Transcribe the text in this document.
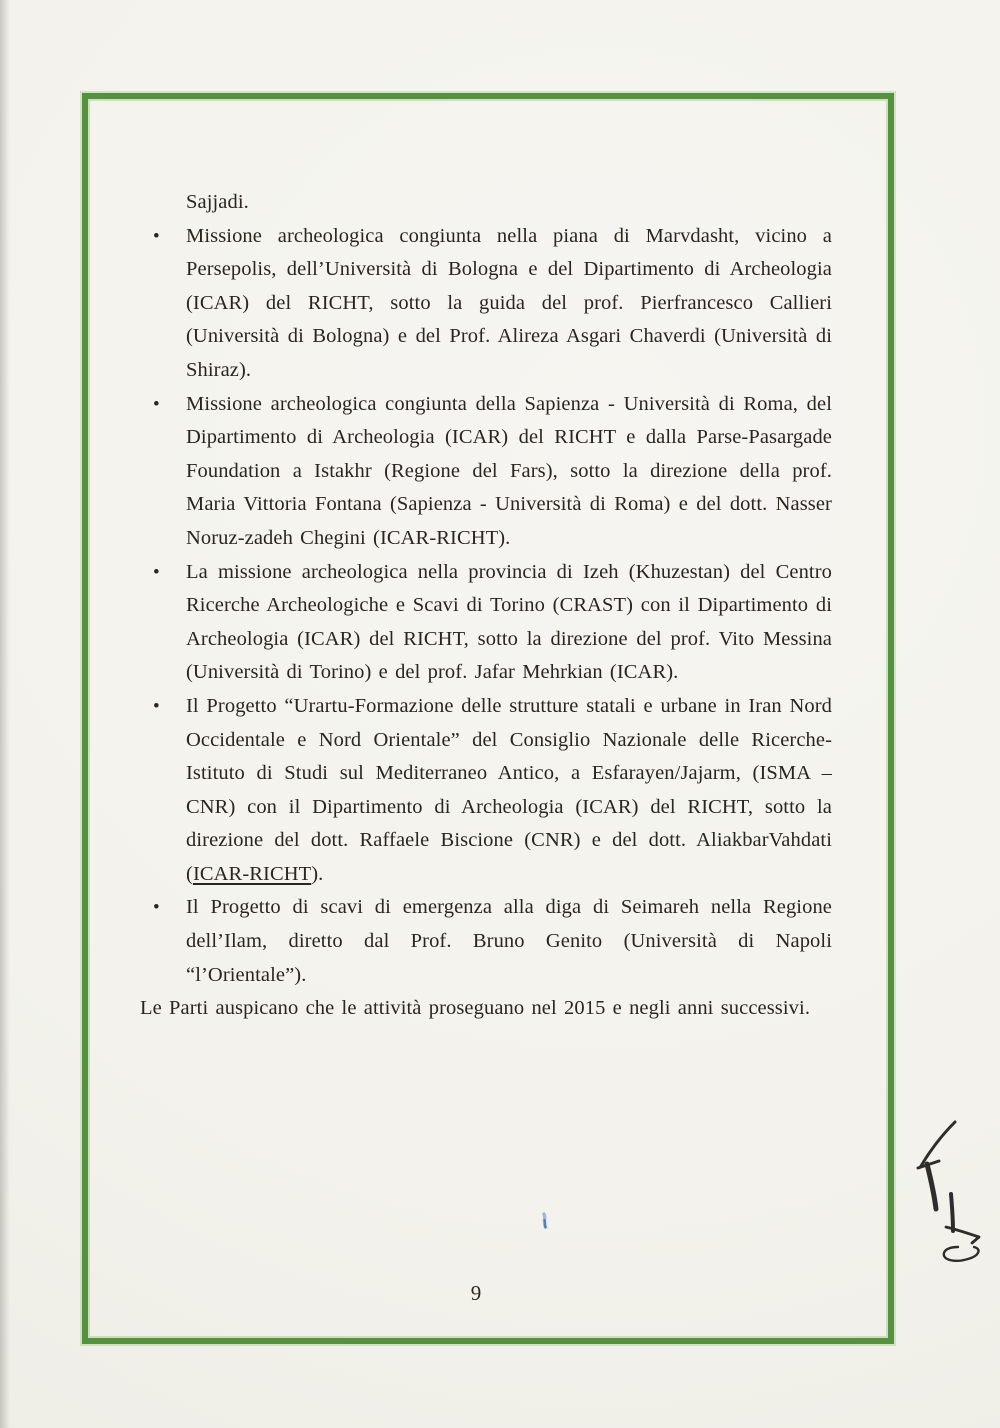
Sajjadi.

• Missione archeologica congiunta nella piana di Marvdasht, vicino a Persepolis, dell’Università di Bologna e del Dipartimento di Archeologia (ICAR) del RICHT, sotto la guida del prof. Pierfrancesco Callieri (Università di Bologna) e del Prof. Alireza Asgari Chaverdi (Università di Shiraz).
• Missione archeologica congiunta della Sapienza - Università di Roma, del Dipartimento di Archeologia (ICAR) del RICHT e dalla Parse-Pasargade Foundation a Istakhr (Regione del Fars), sotto la direzione della prof. Maria Vittoria Fontana (Sapienza - Università di Roma) e del dott. Nasser Noruz-zadeh Chegini (ICAR-RICHT).
• La missione archeologica nella provincia di Izeh (Khuzestan) del Centro Ricerche Archeologiche e Scavi di Torino (CRAST) con il Dipartimento di Archeologia (ICAR) del RICHT, sotto la direzione del prof. Vito Messina (Università di Torino) e del prof. Jafar Mehrkian (ICAR).
• Il Progetto “Urartu-Formazione delle strutture statali e urbane in Iran Nord Occidentale e Nord Orientale” del Consiglio Nazionale delle Ricerche-Istituto di Studi sul Mediterraneo Antico, a Esfarayen/Jajarm, (ISMA – CNR) con il Dipartimento di Archeologia (ICAR) del RICHT, sotto la direzione del dott. Raffaele Biscione (CNR) e del dott. AliakbarVahdati (ICAR-RICHT).
• Il Progetto di scavi di emergenza alla diga di Seimareh nella Regione dell’Ilam, diretto dal Prof. Bruno Genito (Università di Napoli “l’Orientale”).

Le Parti auspicano che le attività proseguano nel 2015 e negli anni successivi.

9
